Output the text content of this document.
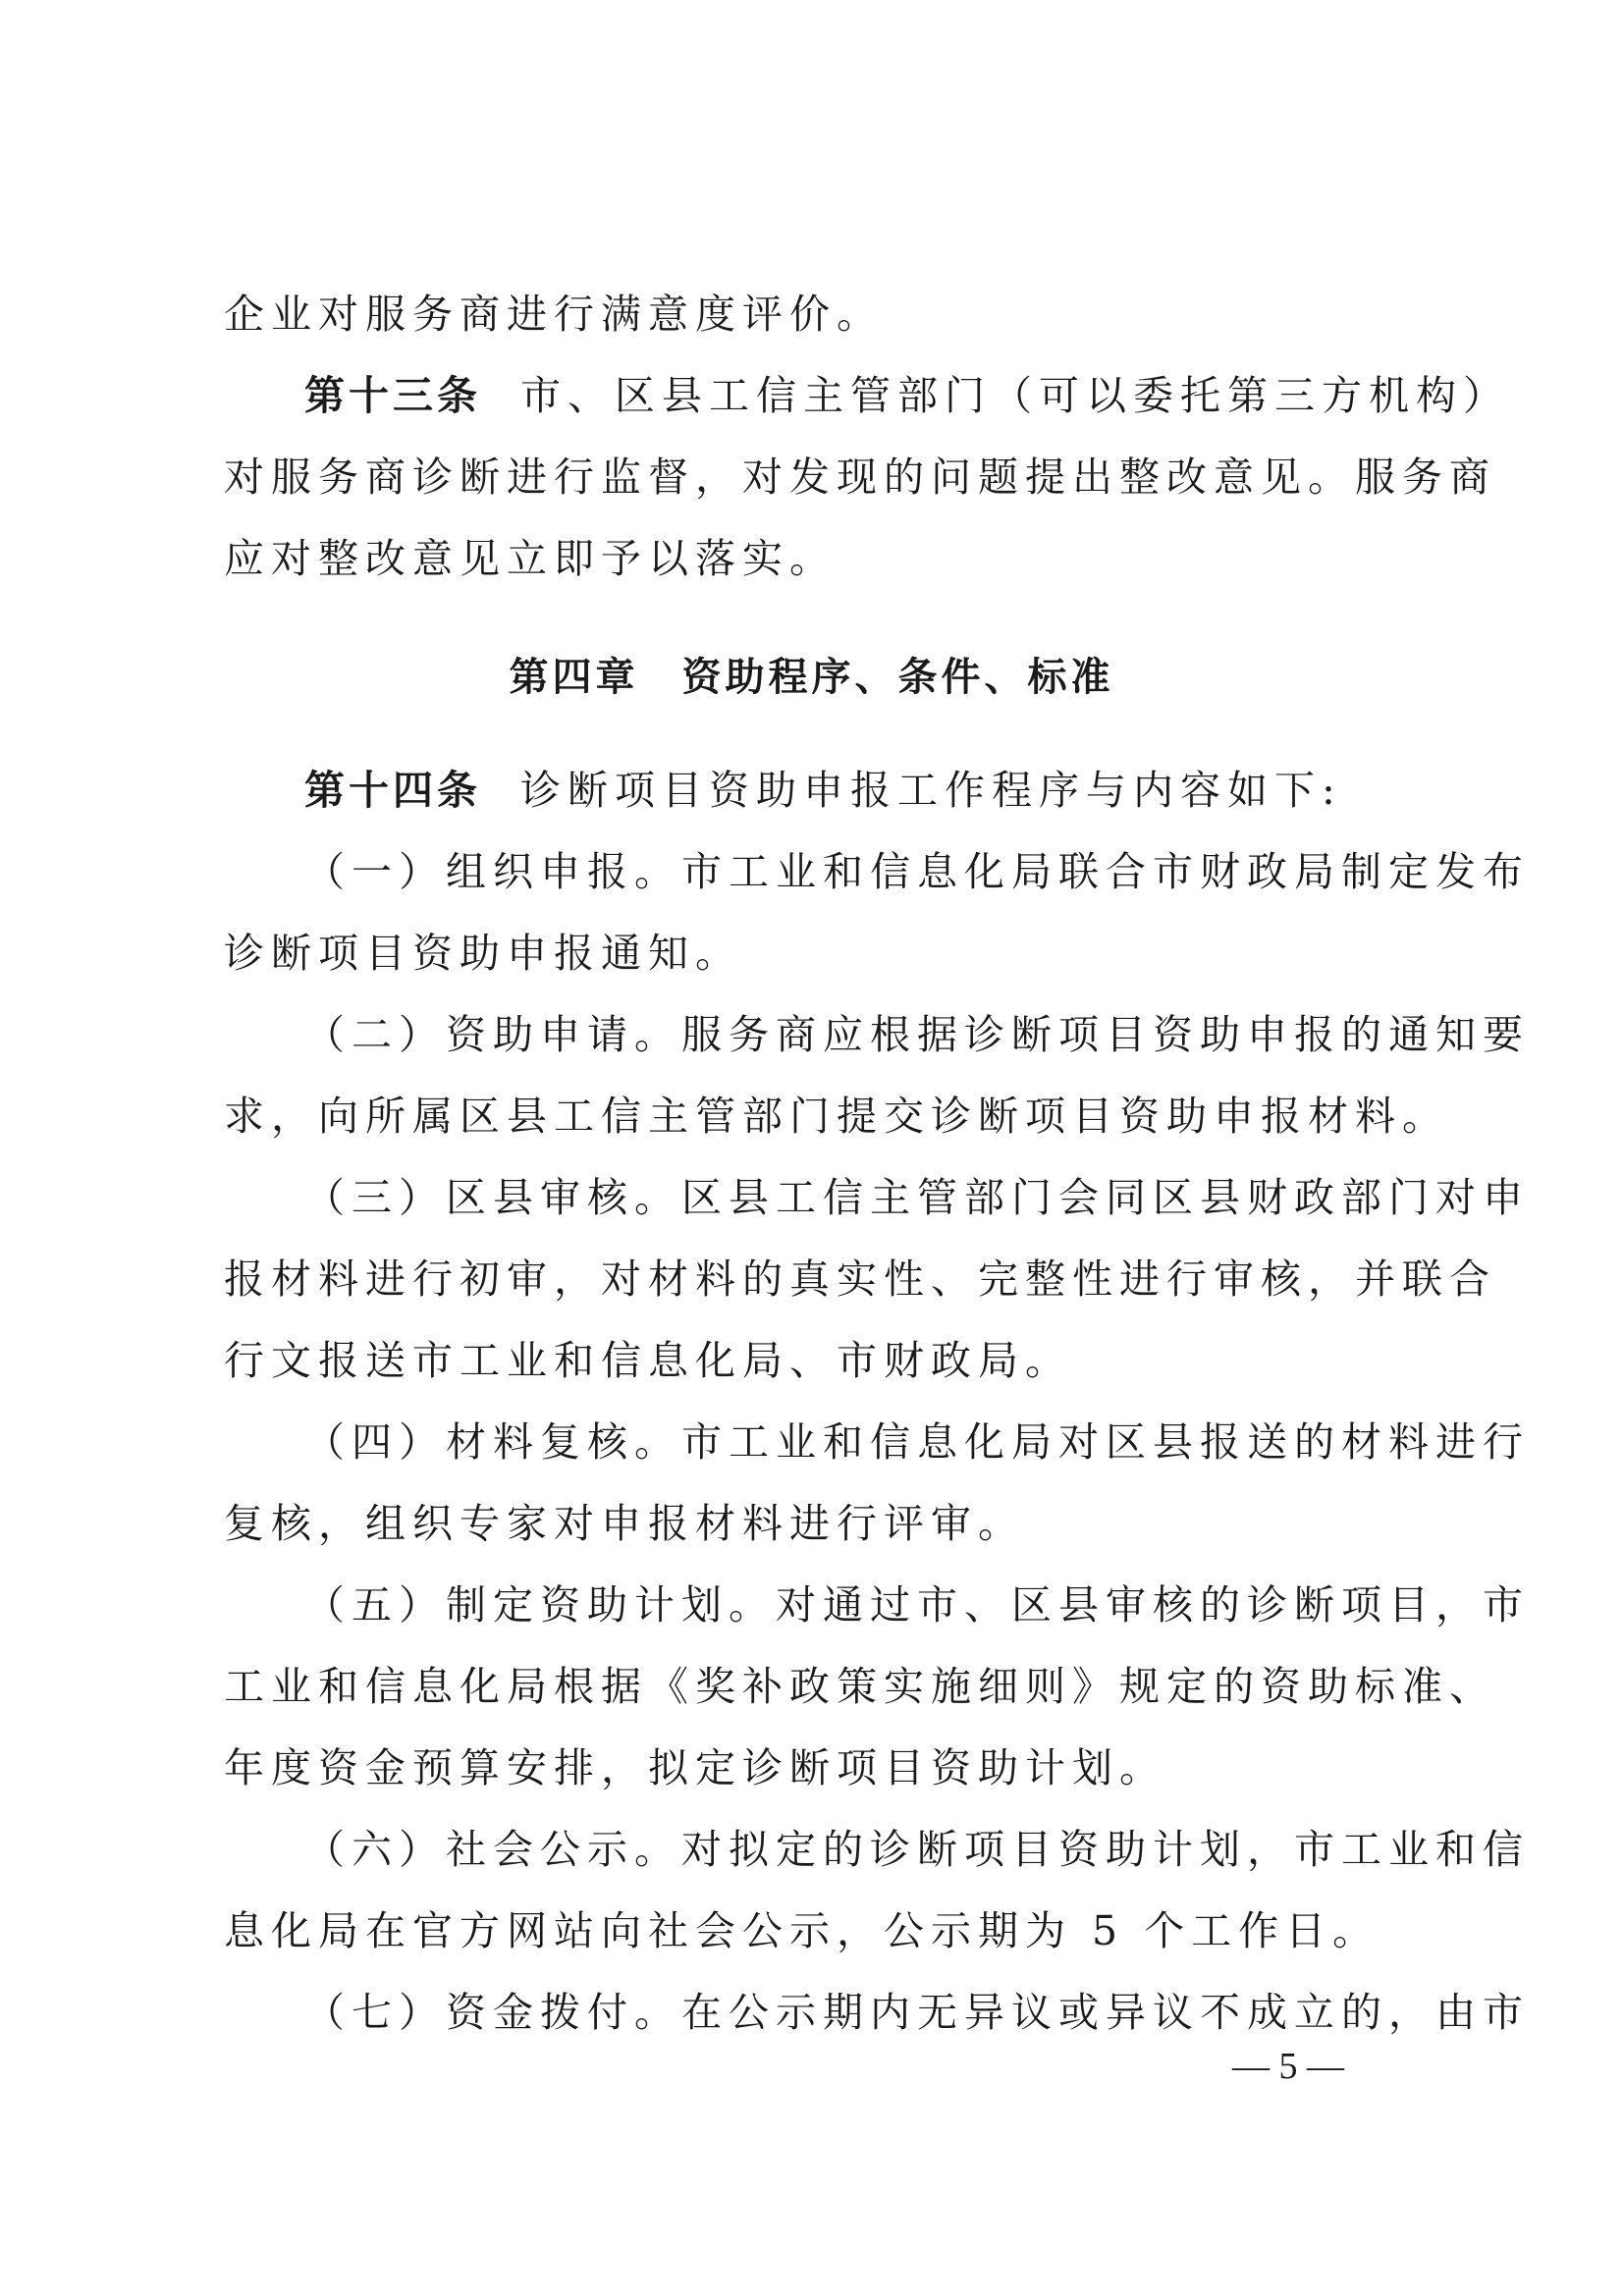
企业对服务商进行满意度评价。
第十三条 市、区县工信主管部门（可以委托第三方机构）
对服务商诊断进行监督，对发现的问题提出整改意见。服务商
应对整改意见立即予以落实。
第四章　资助程序、条件、标准
第十四条 诊断项目资助申报工作程序与内容如下:
（一）组织申报。市工业和信息化局联合市财政局制定发布
诊断项目资助申报通知。
（二）资助申请。服务商应根据诊断项目资助申报的通知要
求，向所属区县工信主管部门提交诊断项目资助申报材料。
（三）区县审核。区县工信主管部门会同区县财政部门对申
报材料进行初审，对材料的真实性、完整性进行审核，并联合
行文报送市工业和信息化局、市财政局。
（四）材料复核。市工业和信息化局对区县报送的材料进行
复核，组织专家对申报材料进行评审。
（五）制定资助计划。对通过市、区县审核的诊断项目，市
工业和信息化局根据《奖补政策实施细则》规定的资助标准、
年度资金预算安排，拟定诊断项目资助计划。
（六）社会公示。对拟定的诊断项目资助计划，市工业和信
息化局在官方网站向社会公示，公示期为 5 个工作日。
（七）资金拨付。在公示期内无异议或异议不成立的，由市
— 5 —
